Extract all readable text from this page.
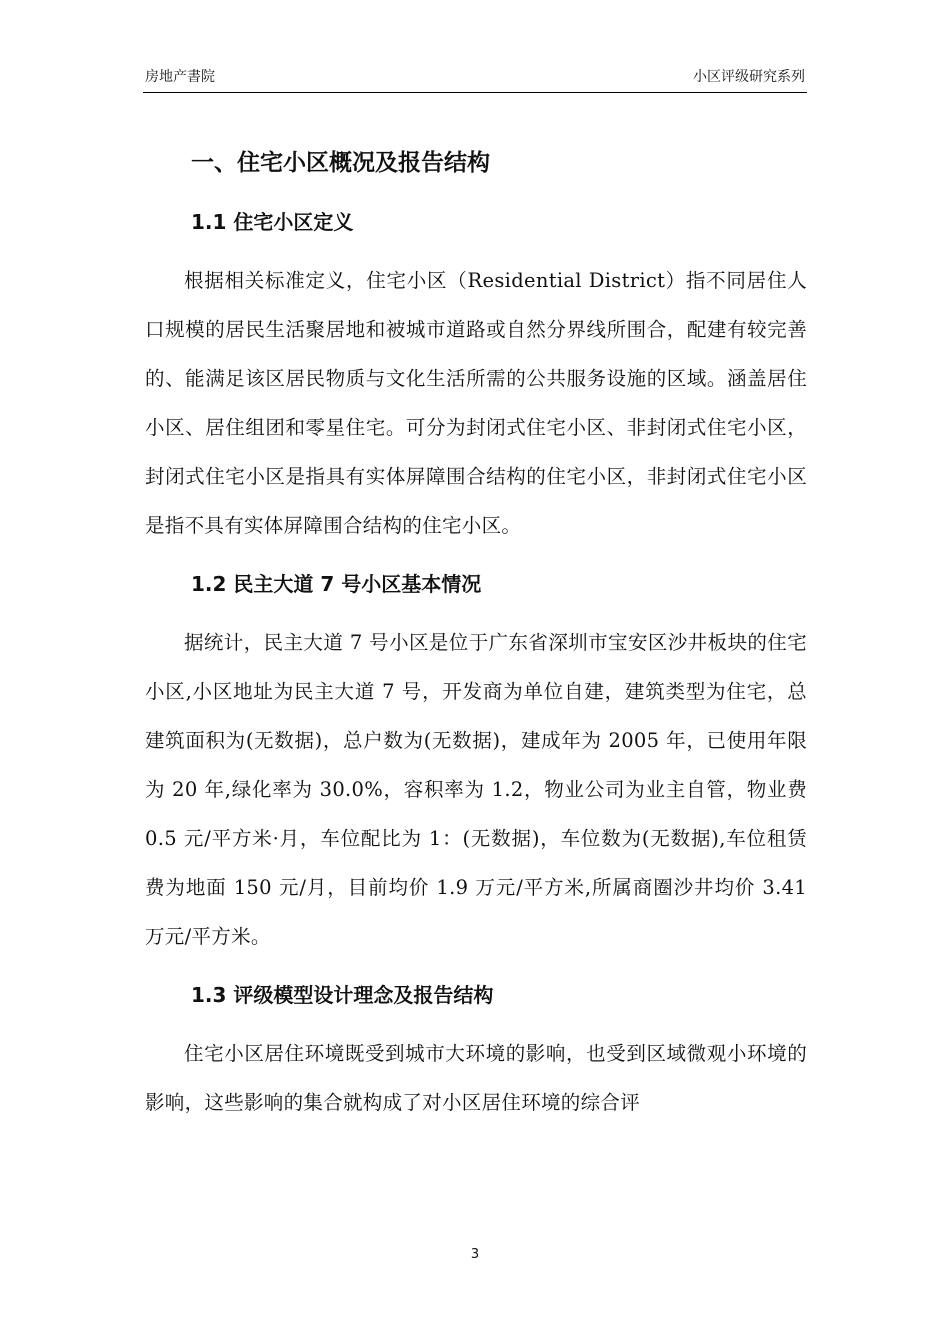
房地产書院	小区评级研究系列
一、住宅小区概况及报告结构
1.1 住宅小区定义

根据相关标准定义，住宅小区（Residential District）指不同居住人口规模的居民生活聚居地和被城市道路或自然分界线所围合，配建有较完善的、能满足该区居民物质与文化生活所需的公共服务设施的区域。涵盖居住小区、居住组团和零星住宅。可分为封闭式住宅小区、非封闭式住宅小区，封闭式住宅小区是指具有实体屏障围合结构的住宅小区，非封闭式住宅小区是指不具有实体屏障围合结构的住宅小区。

1.2 民主大道 7 号小区基本情况

据统计，民主大道 7 号小区是位于广东省深圳市宝安区沙井板块的住宅小区,小区地址为民主大道 7 号，开发商为单位自建，建筑类型为住宅，总建筑面积为(无数据)，总户数为(无数据)，建成年为 2005 年，已使用年限为 20 年,绿化率为 30.0%，容积率为 1.2，物业公司为业主自管，物业费 0.5 元/平方米·月，车位配比为 1：(无数据)，车位数为(无数据),车位租赁费为地面 150 元/月，目前均价 1.9 万元/平方米,所属商圈沙井均价 3.41 万元/平方米。

1.3 评级模型设计理念及报告结构

住宅小区居住环境既受到城市大环境的影响，也受到区域微观小环境的影响，这些影响的集合就构成了对小区居住环境的综合评

3
